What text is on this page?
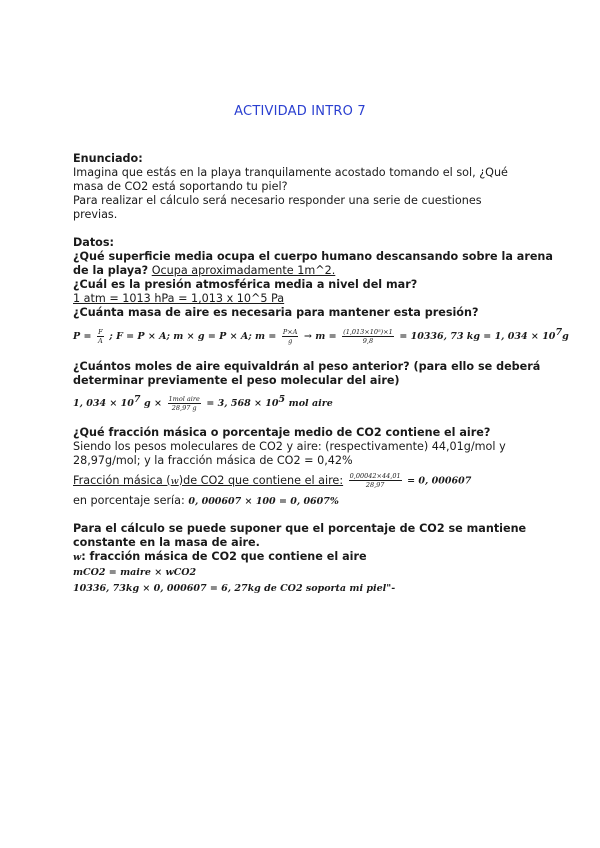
ACTIVIDAD INTRO 7
Enunciado:
Imagina que estás en la playa tranquilamente acostado tomando el sol, ¿Qué
masa de CO2 está soportando tu piel?
Para realizar el cálculo será necesario responder una serie de cuestiones
previas.
Datos:
¿Qué superficie media ocupa el cuerpo humano descansando sobre la arena
de la playa? Ocupa aproximadamente 1m^2.
¿Cuál es la presión atmosférica media a nivel del mar?
1 atm = 1013 hPa = 1,013 x 10^5 Pa
¿Cuánta masa de aire es necesaria para mantener esta presión?
$P = \frac{F}{A}$ ; F = P × A; m × g = P × A; $m = \frac{P\times A}{g} \to m = \frac{\text{(1,013×10⁵)×1}}{9,8} = 10336$, 73 kg = 1, $034 \times 10^7g$
¿Cuántos moles de aire equivaldrán al peso anterior? (para ello se deberá
determinar previamente el peso molecular del aire)
1, $034 \times 10^7$ $g \times \frac{\text{1mol aire}}{28,97 g} = 3$, $568 \times 10^5$ mol aire
¿Qué fracción másica o porcentaje medio de CO2 contiene el aire?
Siendo los pesos moleculares de CO2 y aire: (respectivamente) 44,01g/mol y
28,97g/mol; y la fracción másica de CO2 = 0,42%
Fracción másica (w)de CO2 que contiene el aire: $\frac{0,00042\times 44,01}{28,97} = 0$, 000607
en porcentaje sería: 0, 000607 × 100 = 0, 0607%
Para el cálculo se puede suponer que el porcentaje de CO2 se mantiene
constante en la masa de aire.
w: fracción másica de CO2 que contiene el aire
mCO2 = maire × wCO2
10336, 73kg × 0, 000607 = 6, 27kg de CO2 soporta mi piel"-
